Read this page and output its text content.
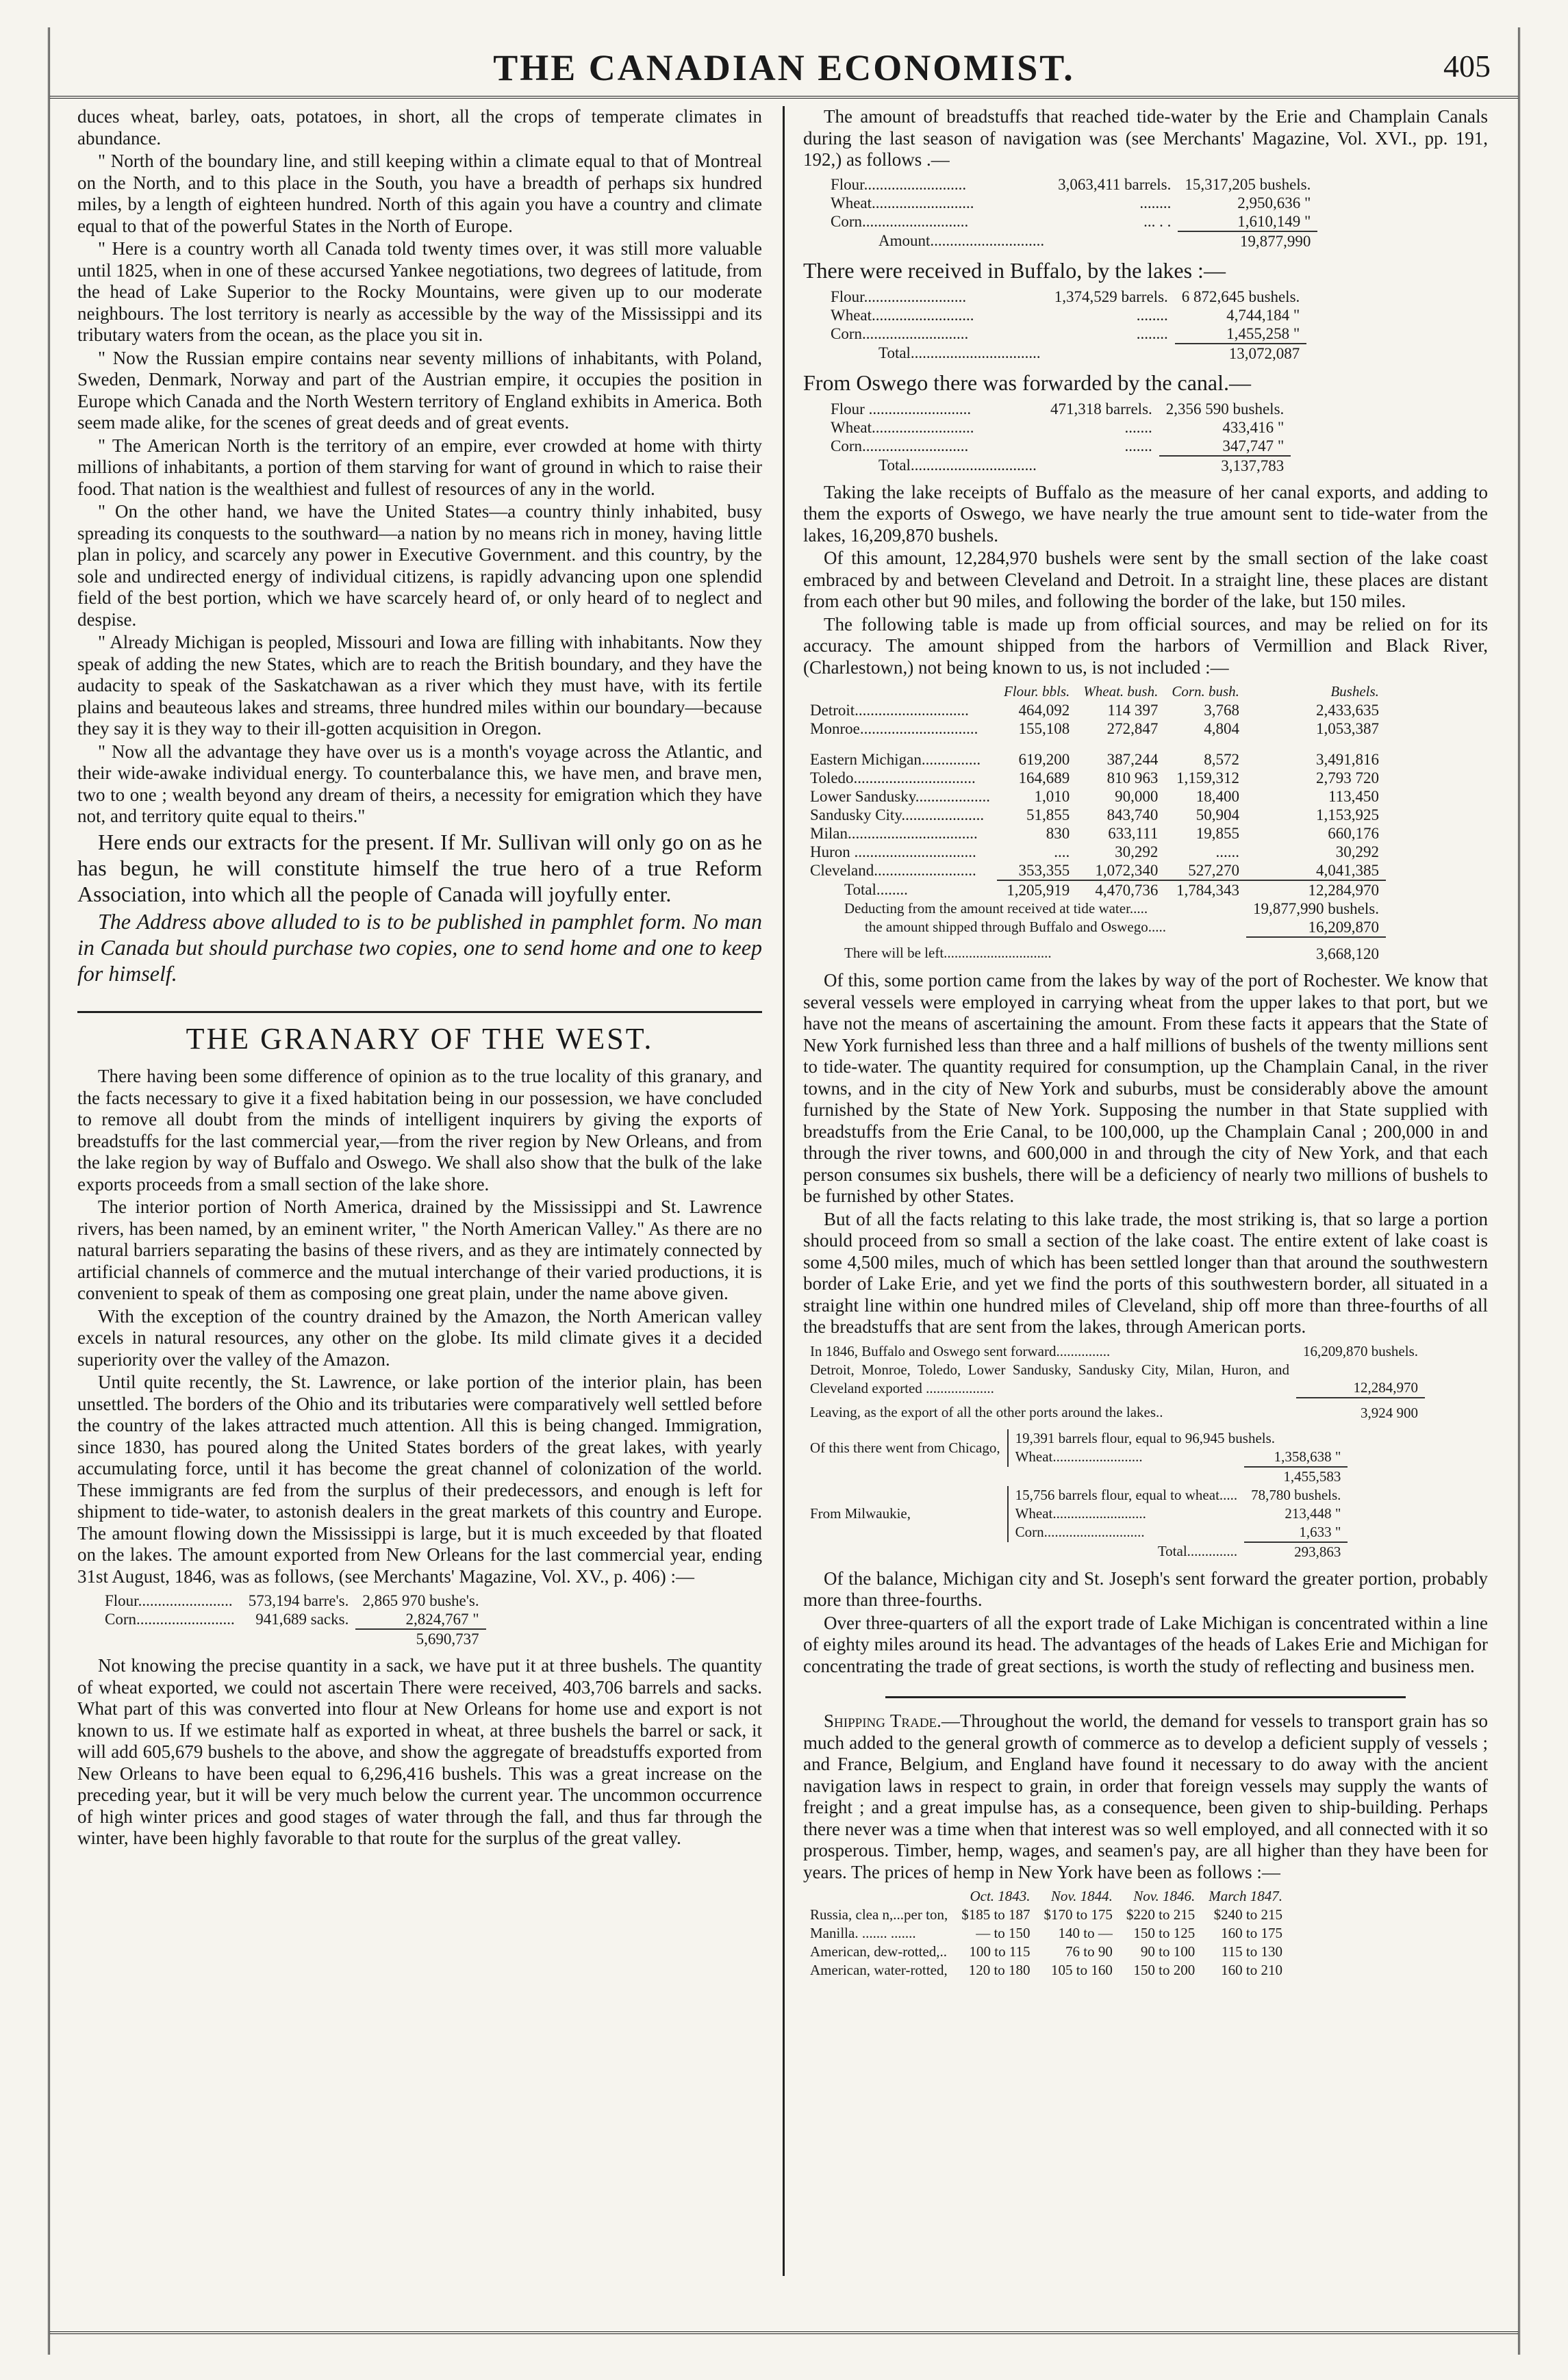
THE CANADIAN ECONOMIST.	405

duces wheat, barley, oats, potatoes, in short, all the crops of temperate climates in abundance.

" North of the boundary line, and still keeping within a climate equal to that of Montreal on the North, and to this place in the South, you have a breadth of perhaps six hundred miles, by a length of eighteen hundred. North of this again you have a country and climate equal to that of the powerful States in the North of Europe.

" Here is a country worth all Canada told twenty times over, it was still more valuable until 1825, when in one of these accursed Yankee negotiations, two degrees of latitude, from the head of Lake Superior to the Rocky Mountains, were given up to our moderate neighbours. The lost territory is nearly as accessible by the way of the Mississippi and its tributary waters from the ocean, as the place you sit in.

" Now the Russian empire contains near seventy millions of inhabitants, with Poland, Sweden, Denmark, Norway and part of the Austrian empire, it occupies the position in Europe which Canada and the North Western territory of England exhibits in America. Both seem made alike, for the scenes of great deeds and of great events.

" The American North is the territory of an empire, ever crowded at home with thirty millions of inhabitants, a portion of them starving for want of ground in which to raise their food. That nation is the wealthiest and fullest of resources of any in the world.

" On the other hand, we have the United States—a country thinly inhabited, busy spreading its conquests to the southward—a nation by no means rich in money, having little plan in policy, and scarcely any power in Executive Government. and this country, by the sole and undirected energy of individual citizens, is rapidly advancing upon one splendid field of the best portion, which we have scarcely heard of, or only heard of to neglect and despise.

" Already Michigan is peopled, Missouri and Iowa are filling with inhabitants. Now they speak of adding the new States, which are to reach the British boundary, and they have the audacity to speak of the Saskatchawan as a river which they must have, with its fertile plains and beauteous lakes and streams, three hundred miles within our boundary—because they say it is they way to their ill-gotten acquisition in Oregon.

" Now all the advantage they have over us is a month's voyage across the Atlantic, and their wide-awake individual energy. To counterbalance this, we have men, and brave men, two to one ; wealth beyond any dream of theirs, a necessity for emigration which they have not, and territory quite equal to theirs."

Here ends our extracts for the present. If Mr. Sullivan will only go on as he has begun, he will constitute himself the true hero of a true Reform Association, into which all the people of Canada will joyfully enter.

The Address above alluded to is to be published in pamphlet form. No man in Canada but should purchase two copies, one to send home and one to keep for himself.

THE GRANARY OF THE WEST.

There having been some difference of opinion as to the true locality of this granary, and the facts necessary to give it a fixed habitation being in our possession, we have concluded to remove all doubt from the minds of intelligent inquirers by giving the exports of breadstuffs for the last commercial year,—from the river region by New Orleans, and from the lake region by way of Buffalo and Oswego. We shall also show that the bulk of the lake exports proceeds from a small section of the lake shore.

The interior portion of North America, drained by the Mississippi and St. Lawrence rivers, has been named, by an eminent writer, " the North American Valley." As there are no natural barriers separating the basins of these rivers, and as they are intimately connected by artificial channels of commerce and the mutual interchange of their varied productions, it is convenient to speak of them as composing one great plain, under the name above given.

With the exception of the country drained by the Amazon, the North American valley excels in natural resources, any other on the globe. Its mild climate gives it a decided superiority over the valley of the Amazon.

Until quite recently, the St. Lawrence, or lake portion of the interior plain, has been unsettled. The borders of the Ohio and its tributaries were comparatively well settled before the country of the lakes attracted much attention. All this is being changed. Immigration, since 1830, has poured along the United States borders of the great lakes, with yearly accumulating force, until it has become the great channel of colonization of the world. These immigrants are fed from the surplus of their predecessors, and enough is left for shipment to tide-water, to astonish dealers in the great markets of this country and Europe. The amount flowing down the Mississippi is large, but it is much exceeded by that floated on the lakes. The amount exported from New Orleans for the last commercial year, ending 31st August, 1846, was as follows, (see Merchants' Magazine, Vol. XV., p. 406) :—

Flour........................	573,194 barre's.	2,865 970 bushe's.
Corn.........................	941,689 sacks.	2,824,767 "
		5,690,737

Not knowing the precise quantity in a sack, we have put it at three bushels. The quantity of wheat exported, we could not ascertain There were received, 403,706 barrels and sacks. What part of this was converted into flour at New Orleans for home use and export is not known to us. If we estimate half as exported in wheat, at three bushels the barrel or sack, it will add 605,679 bushels to the above, and show the aggregate of breadstuffs exported from New Orleans to have been equal to 6,296,416 bushels. This was a great increase on the preceding year, but it will be very much below the current year. The uncommon occurrence of high winter prices and good stages of water through the fall, and thus far through the winter, have been highly favorable to that route for the surplus of the great valley.

The amount of breadstuffs that reached tide-water by the Erie and Champlain Canals during the last season of navigation was (see Merchants' Magazine, Vol. XVI., pp. 191, 192,) as follows .—

Flour..........................	3,063,411 barrels.	15,317,205 bushels.
Wheat..........................	........	2,950,636 "
Corn...........................	... . .	1,610,149 "
Amount.............................		19,877,990

There were received in Buffalo, by the lakes :—

Flour..........................	1,374,529 barrels.	6 872,645 bushels.
Wheat..........................	........	4,744,184 "
Corn...........................	........	1,455,258 "
Total.................................		13,072,087

From Oswego there was forwarded by the canal.—

Flour ..........................	471,318 barrels.	2,356 590 bushels.
Wheat..........................	.......	433,416 "
Corn...........................	.......	347,747 "
Total................................		3,137,783

Taking the lake receipts of Buffalo as the measure of her canal exports, and adding to them the exports of Oswego, we have nearly the true amount sent to tide-water from the lakes, 16,209,870 bushels.

Of this amount, 12,284,970 bushels were sent by the small section of the lake coast embraced by and between Cleveland and Detroit. In a straight line, these places are distant from each other but 90 miles, and following the border of the lake, but 150 miles.

The following table is made up from official sources, and may be relied on for its accuracy. The amount shipped from the harbors of Vermillion and Black River, (Charlestown,) not being known to us, is not included :—

	Flour. bbls.	Wheat. bush.	Corn. bush.	Bushels.
Detroit.............................	464,092	114 397	3,768	2,433,635
Monroe..............................	155,108	272,847	4,804	1,053,387

Eastern Michigan...............	619,200	387,244	8,572	3,491,816
Toledo...............................	164,689	810 963	1,159,312	2,793 720
Lower Sandusky...................	1,010	90,000	18,400	113,450
Sandusky City.....................	51,855	843,740	50,904	1,153,925
Milan.................................	830	633,111	19,855	660,176
Huron ...............................	....	30,292	......	30,292
Cleveland..........................	353,355	1,072,340	527,270	4,041,385
Total........	1,205,919	4,470,736	1,784,343	12,284,970
Deducting from the amount received at tide water.....				19,877,990 bushels.
the amount shipped through Buffalo and Oswego.....				16,209,870
There will be left..............................				3,668,120

Of this, some portion came from the lakes by way of the port of Rochester. We know that several vessels were employed in carrying wheat from the upper lakes to that port, but we have not the means of ascertaining the amount. From these facts it appears that the State of New York furnished less than three and a half millions of bushels of the twenty millions sent to tide-water. The quantity required for consumption, up the Champlain Canal, in the river towns, and in the city of New York and suburbs, must be considerably above the amount furnished by the State of New York. Supposing the number in that State supplied with breadstuffs from the Erie Canal, to be 100,000, up the Champlain Canal ; 200,000 in and through the river towns, and 600,000 in and through the city of New York, and that each person consumes six bushels, there will be a deficiency of nearly two millions of bushels to be furnished by other States.

But of all the facts relating to this lake trade, the most striking is, that so large a portion should proceed from so small a section of the lake coast. The entire extent of lake coast is some 4,500 miles, much of which has been settled longer than that around the southwestern border of Lake Erie, and yet we find the ports of this southwestern border, all situated in a straight line within one hundred miles of Cleveland, ship off more than three-fourths of all the breadstuffs that are sent from the lakes, through American ports.

In 1846, Buffalo and Oswego sent forward...............	16,209,870 bushels.
Detroit, Monroe, Toledo, Lower Sandusky, Sandusky City, Milan, Huron, and Cleveland exported ...................	12,284,970
Leaving, as the export of all the other ports around the lakes..	3,924 900
Of this there went from Chicago,	19,391 barrels flour, equal to 96,945 bushels.	
	Wheat.........................	1,358,638 "
		1,455,583
From Milwaukie,	15,756 barrels flour, equal to wheat.....	78,780 bushels.
	Wheat..........................	213,448 "
	Corn............................	1,633 "
	Total..............	293,863

Of the balance, Michigan city and St. Joseph's sent forward the greater portion, probably more than three-fourths.

Over three-quarters of all the export trade of Lake Michigan is concentrated within a line of eighty miles around its head. The advantages of the heads of Lakes Erie and Michigan for concentrating the trade of great sections, is worth the study of reflecting and business men.

Shipping Trade.—Throughout the world, the demand for vessels to transport grain has so much added to the general growth of commerce as to develop a deficient supply of vessels ; and France, Belgium, and England have found it necessary to do away with the ancient navigation laws in respect to grain, in order that foreign vessels may supply the wants of freight ; and a great impulse has, as a consequence, been given to ship-building. Perhaps there never was a time when that interest was so well employed, and all connected with it so prosperous. Timber, hemp, wages, and seamen's pay, are all higher than they have been for years. The prices of hemp in New York have been as follows :—

	Oct. 1843.	Nov. 1844.	Nov. 1846.	March 1847.
Russia, clea n,...per ton,	$185 to 187	$170 to 175	$220 to 215	$240 to 215
Manilla. ....... .......	— to 150	140 to —	150 to 125	160 to 175
American, dew-rotted,..	100 to 115	76 to 90	90 to 100	115 to 130
American, water-rotted,	120 to 180	105 to 160	150 to 200	160 to 210
